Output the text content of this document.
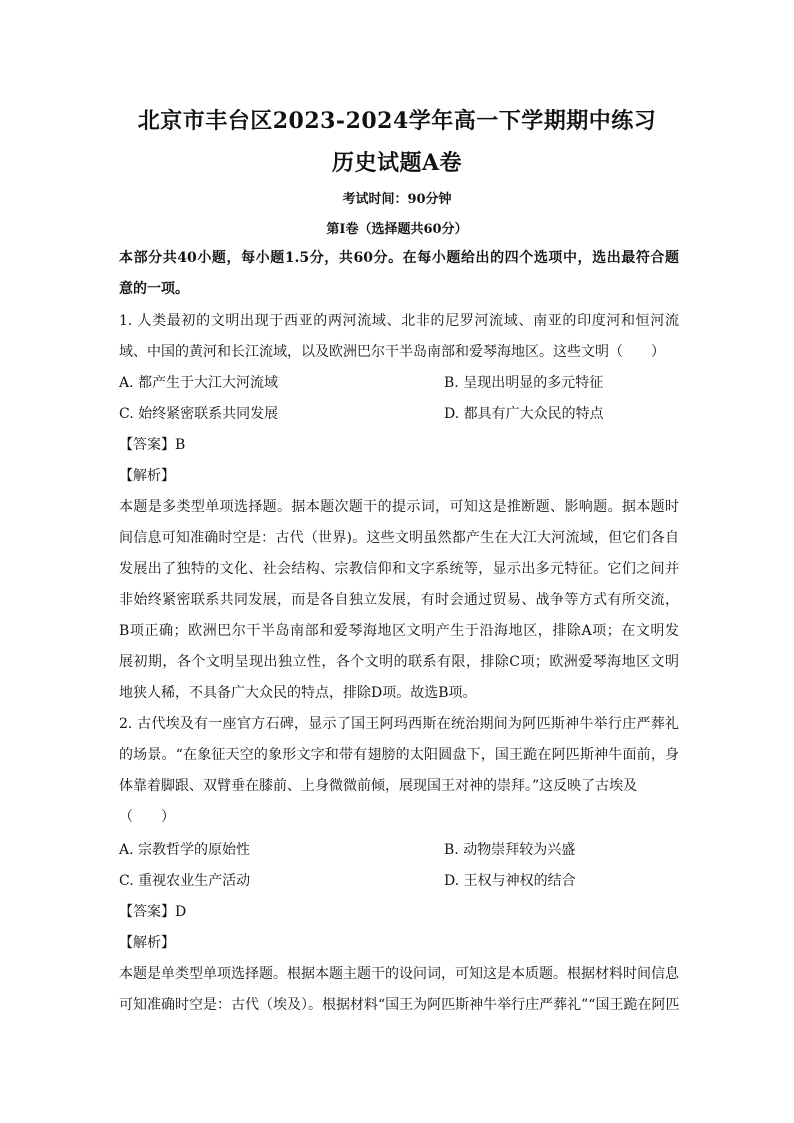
北京市丰台区2023-2024学年高一下学期期中练习
历史试题A卷
考试时间：90分钟
第I卷（选择题共60分）
本部分共40小题，每小题1.5分，共60分。在每小题给出的四个选项中，选出最符合题
意的一项。
1. 人类最初的文明出现于西亚的两河流域、北非的尼罗河流域、南亚的印度河和恒河流
域、中国的黄河和长江流域，以及欧洲巴尔干半岛南部和爱琴海地区。这些文明（　　）
A. 都产生于大江大河流域	B. 呈现出明显的多元特征
C. 始终紧密联系共同发展	D. 都具有广大众民的特点
【答案】B
【解析】
本题是多类型单项选择题。据本题次题干的提示词，可知这是推断题、影响题。据本题时
间信息可知准确时空是：古代（世界)。这些文明虽然都产生在大江大河流域，但它们各自
发展出了独特的文化、社会结构、宗教信仰和文字系统等，显示出多元特征。它们之间并
非始终紧密联系共同发展，而是各自独立发展，有时会通过贸易、战争等方式有所交流，
B项正确；欧洲巴尔干半岛南部和爱琴海地区文明产生于沿海地区，排除A项；在文明发
展初期，各个文明呈现出独立性，各个文明的联系有限，排除C项；欧洲爱琴海地区文明
地狭人稀，不具备广大众民的特点，排除D项。故选B项。
2. 古代埃及有一座官方石碑，显示了国王阿玛西斯在统治期间为阿匹斯神牛举行庄严葬礼
的场景。“在象征天空的象形文字和带有翅膀的太阳圆盘下，国王跪在阿匹斯神牛面前，身
体靠着脚跟、双臂垂在膝前、上身微微前倾，展现国王对神的崇拜。”这反映了古埃及
（　　）
A. 宗教哲学的原始性	B. 动物崇拜较为兴盛
C. 重视农业生产活动	D. 王权与神权的结合
【答案】D
【解析】
本题是单类型单项选择题。根据本题主题干的设问词，可知这是本质题。根据材料时间信息
可知准确时空是：古代（埃及）。根据材料“国王为阿匹斯神牛举行庄严葬礼”“国王跪在阿匹
